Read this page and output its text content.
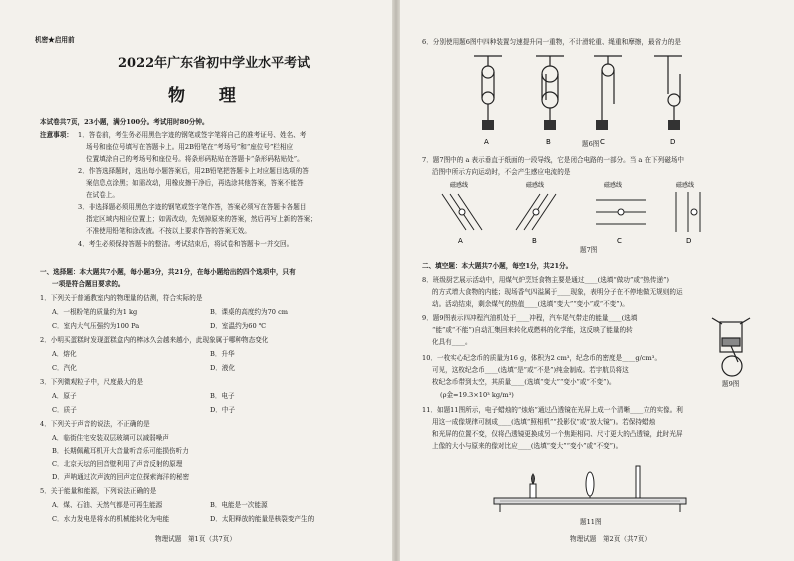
机密★启用前
2022年广东省初中学业水平考试
物 理
本试卷共7页，23小题，满分100分。考试用时80分钟。
注意事项： 1．答卷前，考生务必用黑色字迹的钢笔或签字笔将自己的准考证号、姓名、考
场号和座位号填写在答题卡上。用2B铅笔在“考场号”和“座位号”栏相应
位置填涂自己的考场号和座位号。将条形码粘贴在答题卡“条形码粘贴处”。
2．作答选择题时，选出每小题答案后，用2B铅笔把答题卡上对应题目选项的答
案信息点涂黑；如需改动，用橡皮擦干净后，再选涂其他答案，答案不能答
在试卷上。
3．非选择题必须用黑色字迹的钢笔或签字笔作答，答案必须写在答题卡各题目
指定区域内相应位置上；如需改动，先划掉原来的答案，然后再写上新的答案；
不准使用铅笔和涂改液。不按以上要求作答的答案无效。
4．考生必须保持答题卡的整洁。考试结束后，将试卷和答题卡一并交回。
一、选择题：本大题共7小题，每小题3分，共21分，在每小题给出的四个选项中，只有
一项是符合题目要求的。
1．下列关于普通教室内的物理量的估测，符合实际的是
A．一根粉笔的质量约为1 kg	B．课桌的高度约为70 cm
C．室内大气压强约为100 Pa	D．室温约为60 ℃
2．小明买蛋糕时发现蛋糕盒内的棒冰久会越来越小，此现象属于哪种物态变化
A．熔化	B．升华
C．汽化	D．液化
3．下列微观粒子中，尺度最大的是
A．原子	B．电子
C．质子	D．中子
4．下列关于声音的说法，不正确的是
A．临街住宅安装双层玻璃可以减弱噪声
B．长期佩戴耳机开大音量听音乐可能损伤听力
C．北京天坛的回音壁利用了声音反射的原理
D．声呐通过次声波的回声定位探索海洋的秘密
5．关于能量和能源，下列说法正确的是
A．煤、石油、天然气都是可再生能源	B．电能是一次能源
C．水力发电是将水的机械能转化为电能	D．太阳释放的能量是核裂变产生的
物理试题　第1页（共7页）
6．分别使用题6图中四种装置匀速提升同一重物，不计滑轮重、绳重和摩擦，最省力的是
A	B	C	D
题6图
7．题7图中的 a 表示垂直于纸面的一段导线，它是闭合电路的一部分。当 a 在下列磁场中
沿图中所示方向运动时，不会产生感应电流的是
磁感线	磁感线	磁感线	磁感线
A	B	C	D
题7图
二、填空题：本大题共7小题，每空1分，共21分。
8．班级厨艺展示活动中，用煤气炉烹饪食物主要是通过____(选填“做功”或“热传递”)
的方式增大食物的内能；现场香气四溢属于____现象，表明分子在不停地做无规则的运
动。活动结束，剩余煤气的热值____(选填“变大”“变小”或“不变”)。
9．题9图表示四冲程汽油机处于____冲程，汽车尾气带走的能量____(选填
“能”或“不能”)自动汇集回来转化成燃料的化学能，这反映了能量的转
化具有____。
题9图
10．一枚实心纪念币的质量为16 g，体积为2 cm³，纪念币的密度是____g/cm³。
可见，这枚纪念币____(选填“是”或“不是”)纯金制成。若宇航员将这
枚纪念币带到太空，其质量____(选填“变大”“变小”或“不变”)。
(ρ金=19.3×10³ kg/m³)
11．如题11图所示，电子蜡烛的“烛焰”通过凸透镜在光屏上成一个清晰____立的实像。利
用这一成像规律可制成____(选填“照相机”“投影仪”或“放大镜”)。若保持蜡烛
和光屏的位置不变，仅将凸透镜更换成另一个焦距相同、尺寸更大的凸透镜，此时光屏
上像的大小与原来的像对比应____(选填“变大”“变小”或“不变”)。
题11图
物理试题　第2页（共7页）
